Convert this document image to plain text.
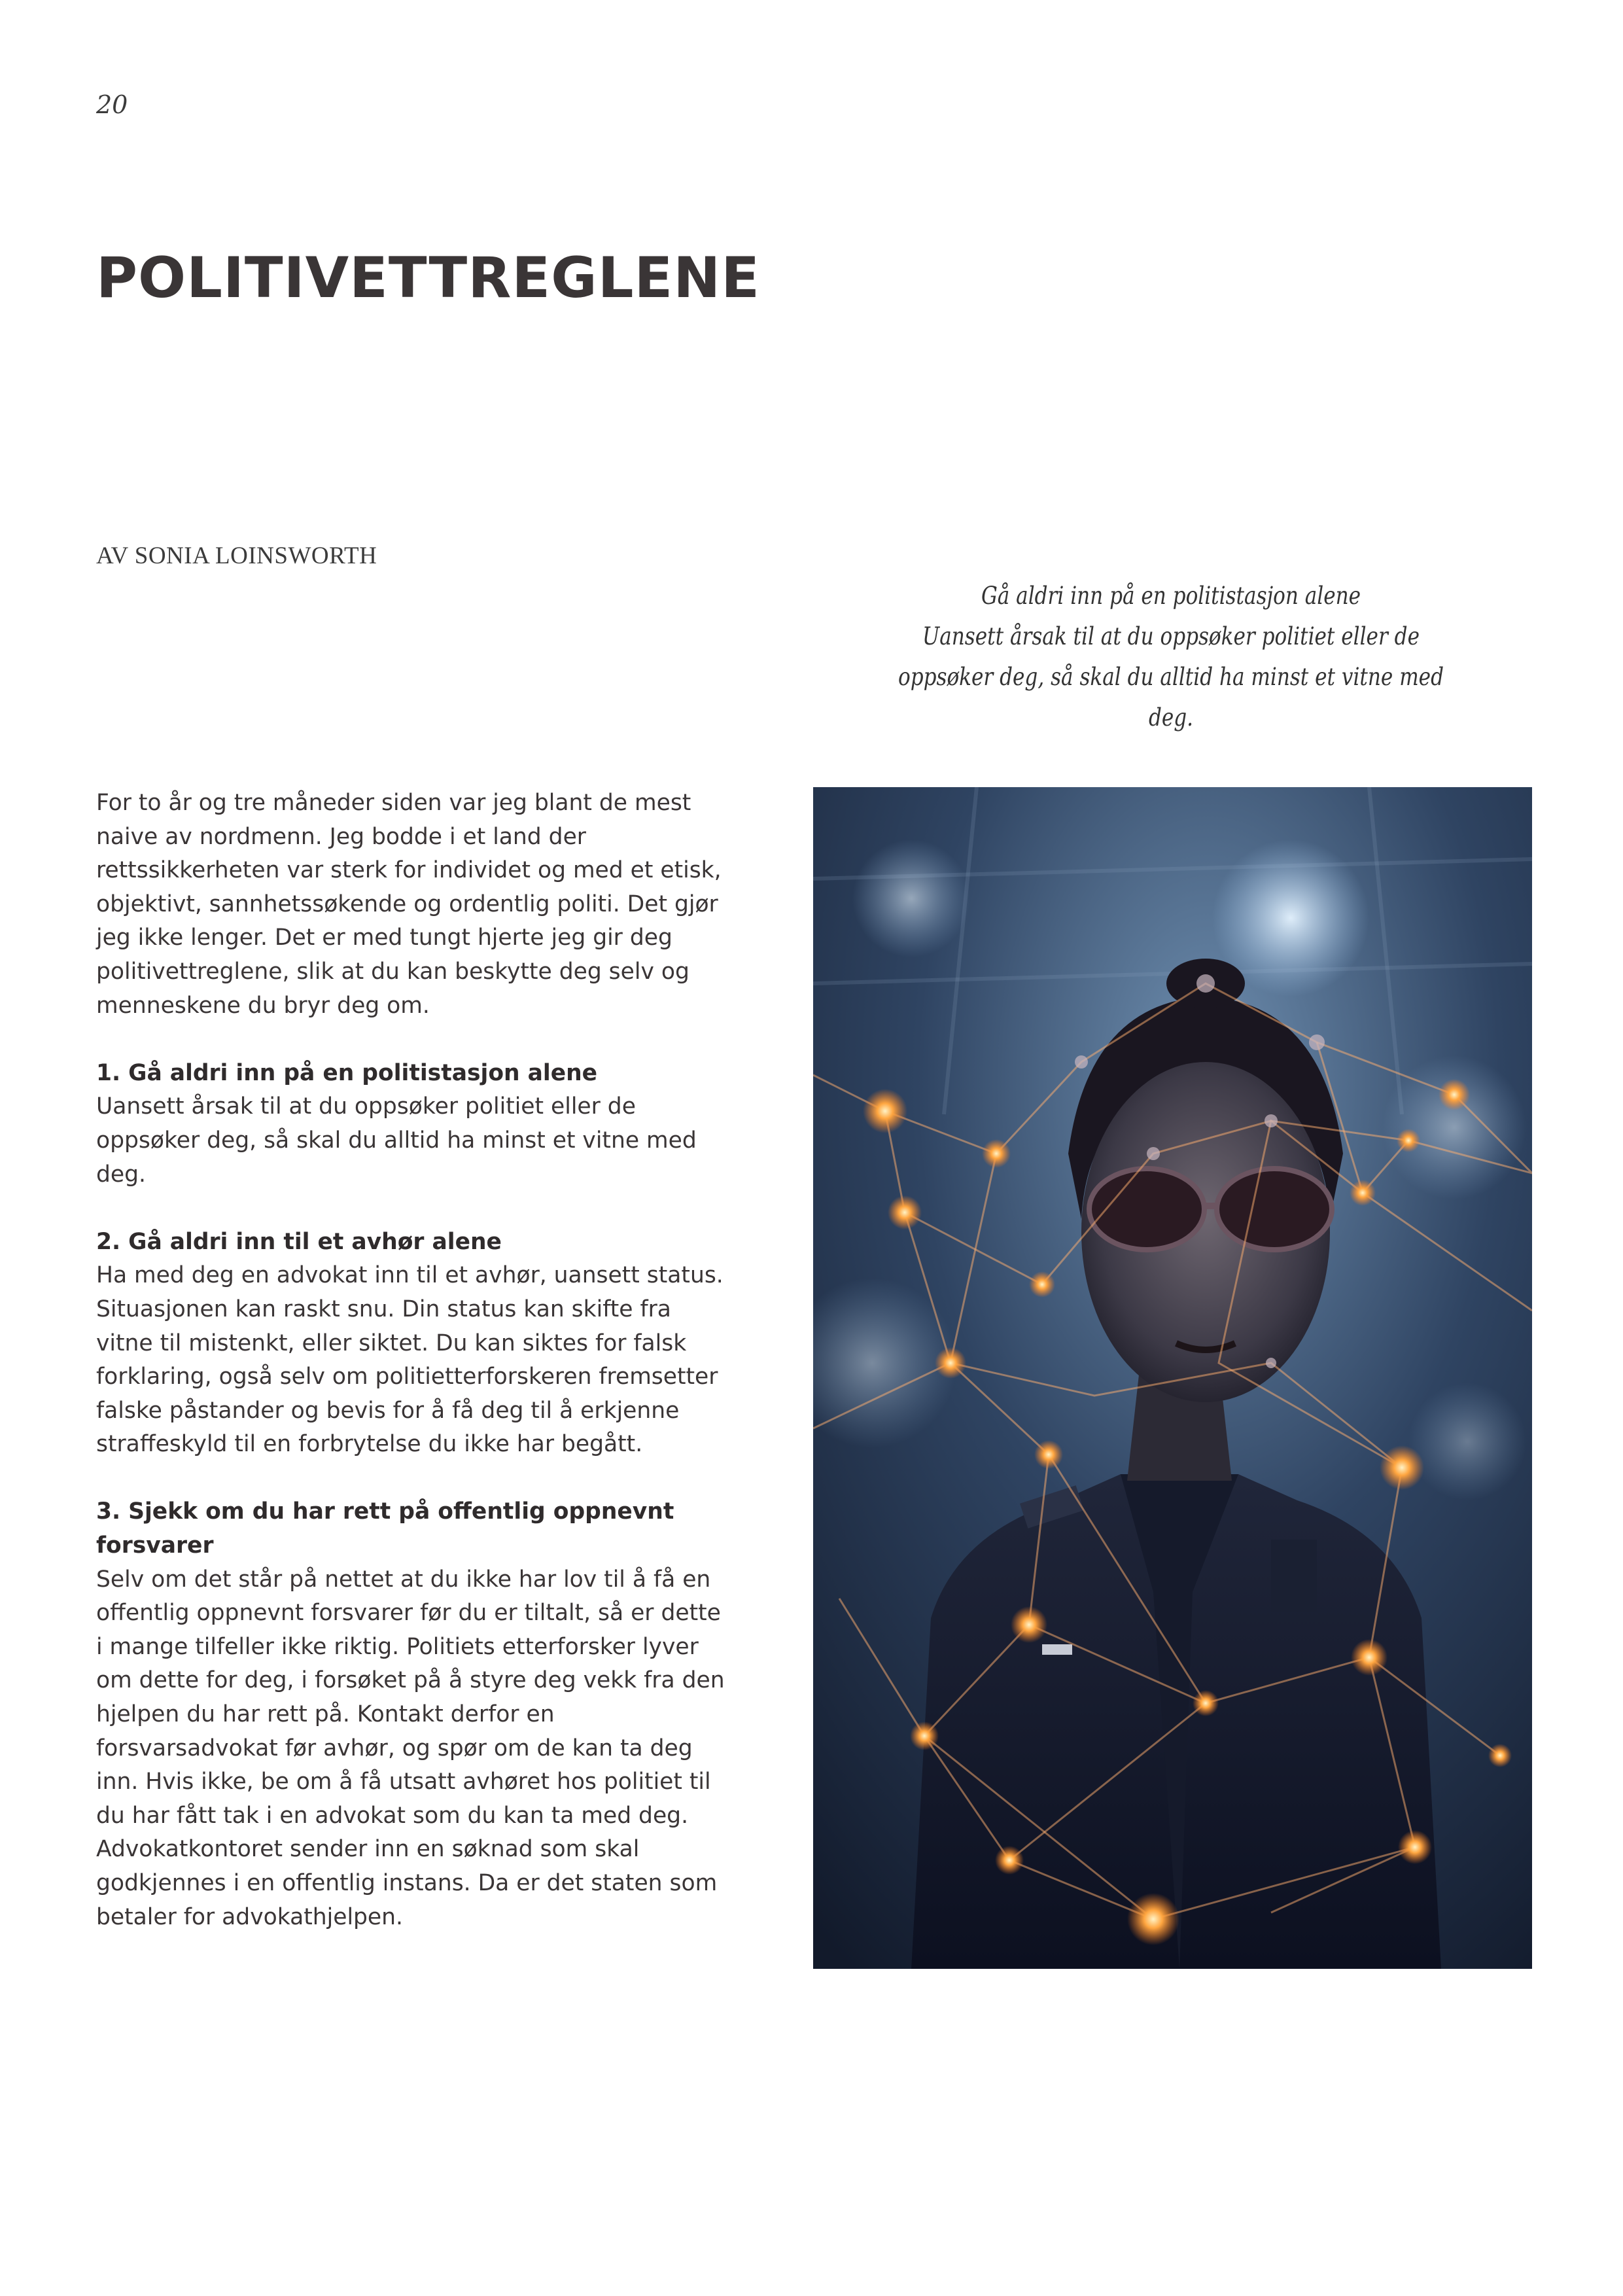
20
POLITIVETTREGLENE
AV SONIA LOINSWORTH

Gå aldri inn på en politistasjon alene

Uansett årsak til at du oppsøker politiet eller de oppsøker deg, så skal du alltid ha minst et vitne med deg.

For to år og tre måneder siden var jeg blant de mest naive av nordmenn. Jeg bodde i et land der rettssikkerheten var sterk for individet og med et etisk, objektivt, sannhetssøkende og ordentlig politi. Det gjør jeg ikke lenger. Det er med tungt hjerte jeg gir deg politivettreglene, slik at du kan beskytte deg selv og menneskene du bryr deg om.

1. Gå aldri inn på en politistasjon alene

Uansett årsak til at du oppsøker politiet eller de oppsøker deg, så skal du alltid ha minst et vitne med deg.

2. Gå aldri inn til et avhør alene

Ha med deg en advokat inn til et avhør, uansett status. Situasjonen kan raskt snu. Din status kan skifte fra vitne til mistenkt, eller siktet. Du kan siktes for falsk forklaring, også selv om politietterforskeren fremsetter falske påstander og bevis for å få deg til å erkjenne straffeskyld til en forbrytelse du ikke har begått.

3. Sjekk om du har rett på offentlig oppnevnt forsvarer

Selv om det står på nettet at du ikke har lov til å få en offentlig oppnevnt forsvarer før du er tiltalt, så er dette i mange tilfeller ikke riktig. Politiets etterforsker lyver om dette for deg, i forsøket på å styre deg vekk fra den hjelpen du har rett på. Kontakt derfor en forsvarsadvokat før avhør, og spør om de kan ta deg inn. Hvis ikke, be om å få utsatt avhøret hos politiet til du har fått tak i en advokat som du kan ta med deg. Advokatkontoret sender inn en søknad som skal godkjennes i en offentlig instans. Da er det staten som betaler for advokathjelpen.
